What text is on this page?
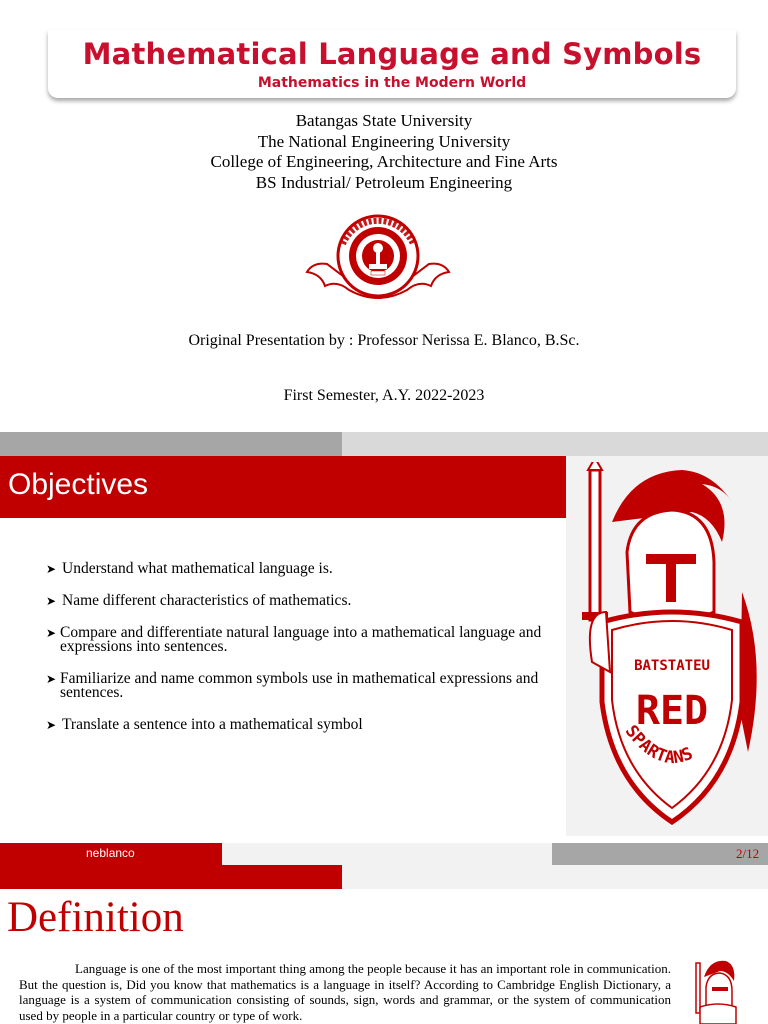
Mathematical Language and Symbols
Mathematics in the Modern World
Batangas State University
The National Engineering University
College of Engineering, Architecture and Fine Arts
BS Industrial/ Petroleum Engineering
Original Presentation by : Professor Nerissa E. Blanco, B.Sc.
First Semester, A.Y. 2022-2023
Objectives
BATSTATEU
RED
SPARTANS
➤ Understand what mathematical language is.
➤ Name different characteristics of mathematics.
➤ Compare and differentiate natural language into a mathematical language and expressions into sentences.
➤ Familiarize and name common symbols use in mathematical expressions and sentences.
➤ Translate a sentence into a mathematical symbol
neblanco	2/12
Definition

Language is one of the most important thing among the people because it has an important role in communication. But the question is, Did you know that mathematics is a language in itself? According to Cambridge English Dictionary, a language is a system of communication consisting of sounds, sign, words and grammar, or the system of communication used by people in a particular country or type of work.
